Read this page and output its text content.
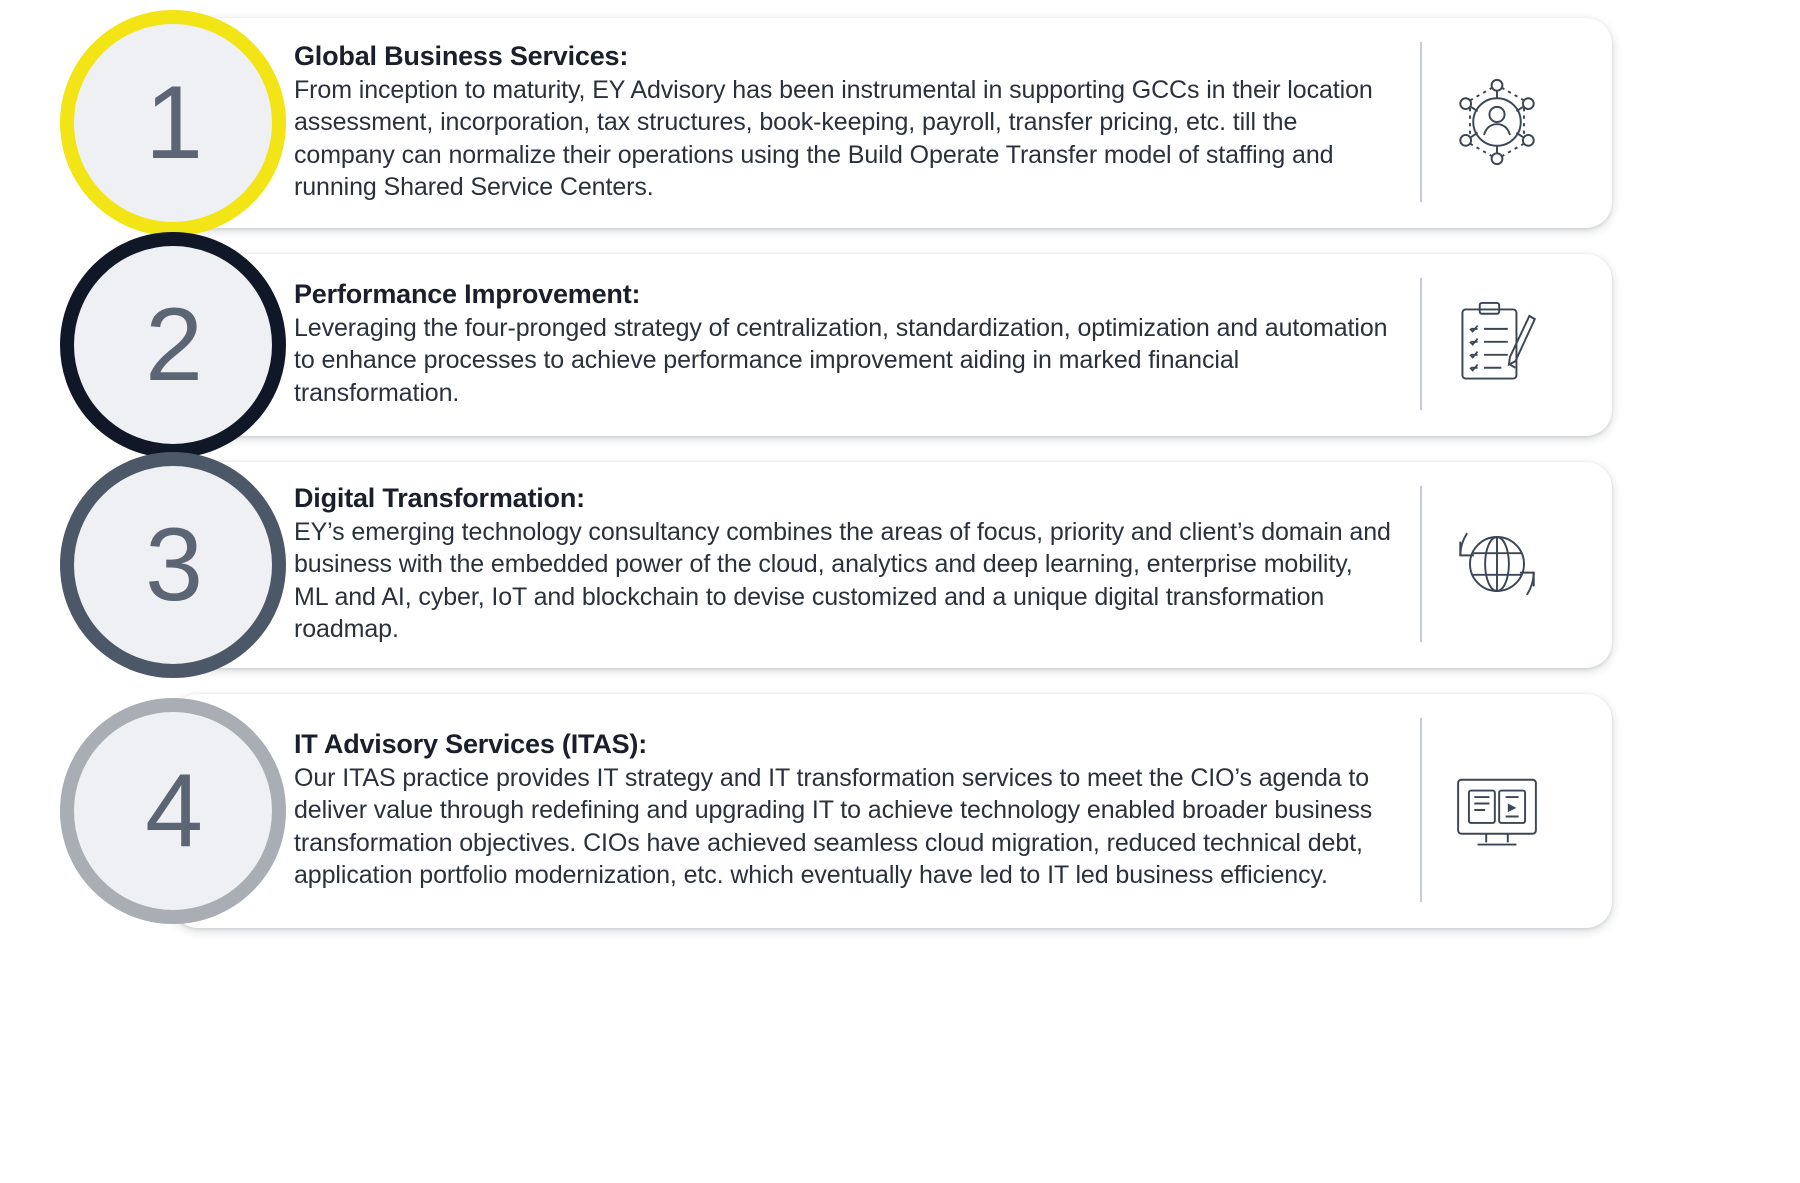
1
Global Business Services:
From inception to maturity, EY Advisory has been instrumental in supporting GCCs in their location assessment, incorporation, tax structures, book-keeping, payroll, transfer pricing, etc. till the company can normalize their operations using the Build Operate Transfer model of staffing and running Shared Service Centers.
2	Performance Improvement:
Leveraging the four-pronged strategy of centralization, standardization, optimization and automation to enhance processes to achieve performance improvement aiding in marked financial transformation.
3
Digital Transformation:
EY’s emerging technology consultancy combines the areas of focus, priority and client’s domain and business with the embedded power of the cloud, analytics and deep learning, enterprise mobility, ML and AI, cyber, IoT and blockchain to devise customized and a unique digital transformation roadmap.
4
IT Advisory Services (ITAS):
Our ITAS practice provides IT strategy and IT transformation services to meet the CIO’s agenda to deliver value through redefining and upgrading IT to achieve technology enabled broader business transformation objectives. CIOs have achieved seamless cloud migration, reduced technical debt, application portfolio modernization, etc. which eventually have led to IT led business efficiency.
